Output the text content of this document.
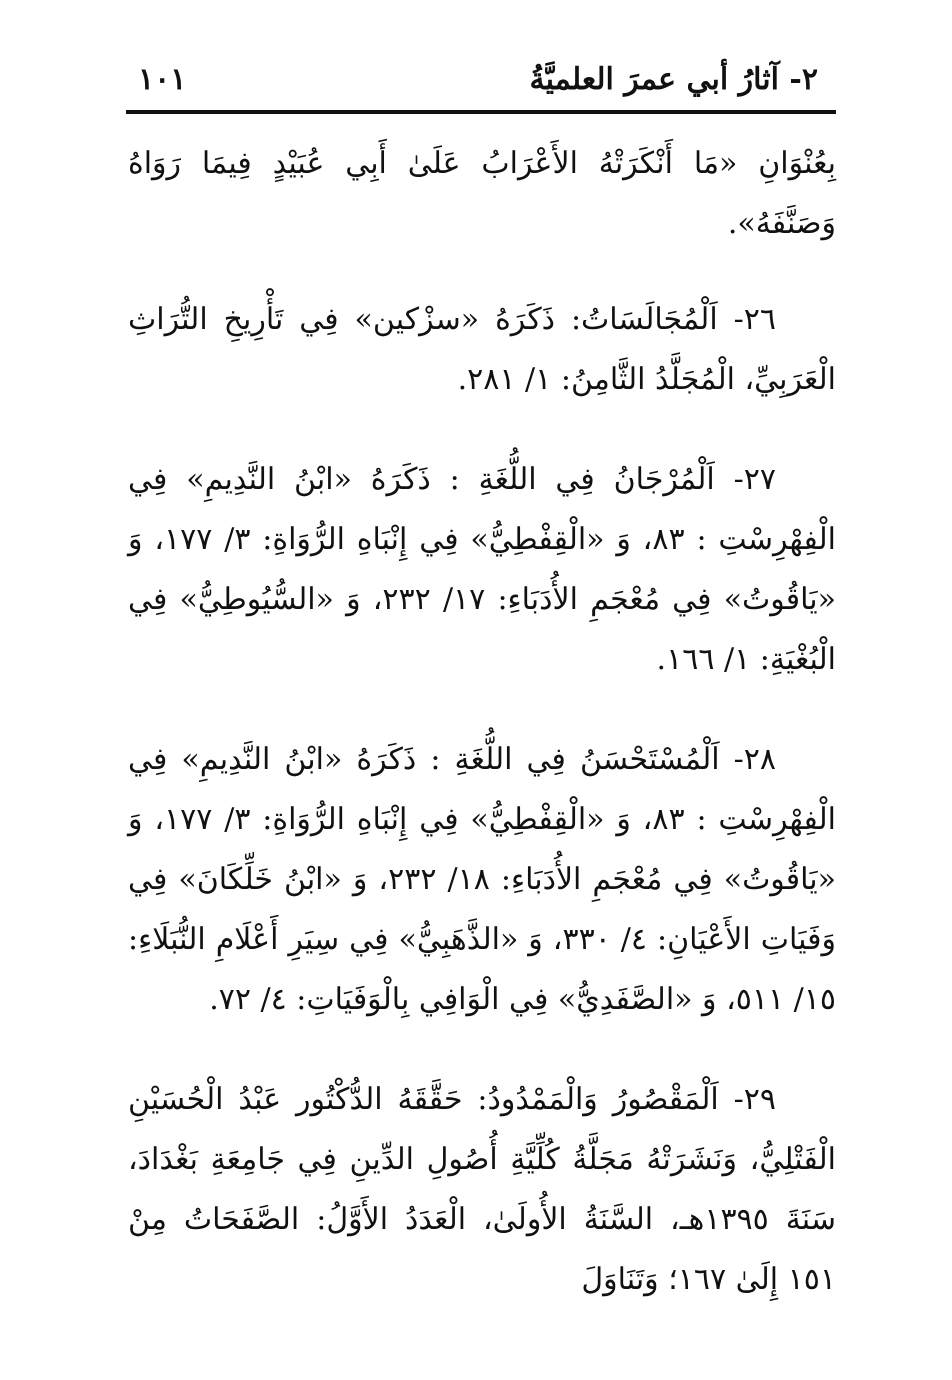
١٠١	٢- آثارُ أبي عمرَ العلميَّةُ

بِعُنْوَانِ «مَا أَنْكَرَتْهُ الأَعْرَابُ عَلَىٰ أَبِي عُبَيْدٍ فِيمَا رَوَاهُ وَصَنَّفَهُ».

٢٦- اَلْمُجَالَسَاتُ: ذَكَرَهُ «سزْكين» فِي تَأْرِيخِ التُّرَاثِ الْعَرَبِيِّ، الْمُجَلَّدُ الثَّامِنُ: ١/ ٢٨١.

٢٧- اَلْمُرْجَانُ فِي اللُّغَةِ : ذَكَرَهُ «ابْنُ النَّدِيمِ» فِي الْفِهْرِسْتِ : ٨٣، وَ «الْقِفْطِيُّ» فِي إِنْبَاهِ الرُّوَاةِ: ٣/ ١٧٧، وَ «يَاقُوتُ» فِي مُعْجَمِ الأُدَبَاءِ: ١٧/ ٢٣٢، وَ «السُّيُوطِيُّ» فِي الْبُغْيَةِ: ١/ ١٦٦.

٢٨- اَلْمُسْتَحْسَنُ فِي اللُّغَةِ : ذَكَرَهُ «ابْنُ النَّدِيمِ» فِي الْفِهْرِسْتِ : ٨٣، وَ «الْقِفْطِيُّ» فِي إِنْبَاهِ الرُّوَاةِ: ٣/ ١٧٧، وَ «يَاقُوتُ» فِي مُعْجَمِ الأُدَبَاءِ: ١٨/ ٢٣٢، وَ «ابْنُ خَلِّكَانَ» فِي وَفَيَاتِ الأَعْيَانِ: ٤/ ٣٣٠، وَ «الذَّهَبِيُّ» فِي سِيَرِ أَعْلَامِ النُّبَلَاءِ: ١٥/ ٥١١، وَ «الصَّفَدِيُّ» فِي الْوَافِي بِالْوَفَيَاتِ: ٤/ ٧٢.

٢٩- اَلْمَقْصُورُ وَالْمَمْدُودُ: حَقَّقَهُ الدُّكْتُور عَبْدُ الْحُسَيْنِ الْفَتْلِيُّ، وَنَشَرَتْهُ مَجَلَّةُ كُلِّيَّةِ أُصُولِ الدِّينِ فِي جَامِعَةِ بَغْدَادَ، سَنَةَ ١٣٩٥هـ، السَّنَةُ الأُولَىٰ، الْعَدَدُ الأَوَّلُ: الصَّفَحَاتُ مِنْ ١٥١ إِلَىٰ ١٦٧؛ وَتَنَاوَلَ
